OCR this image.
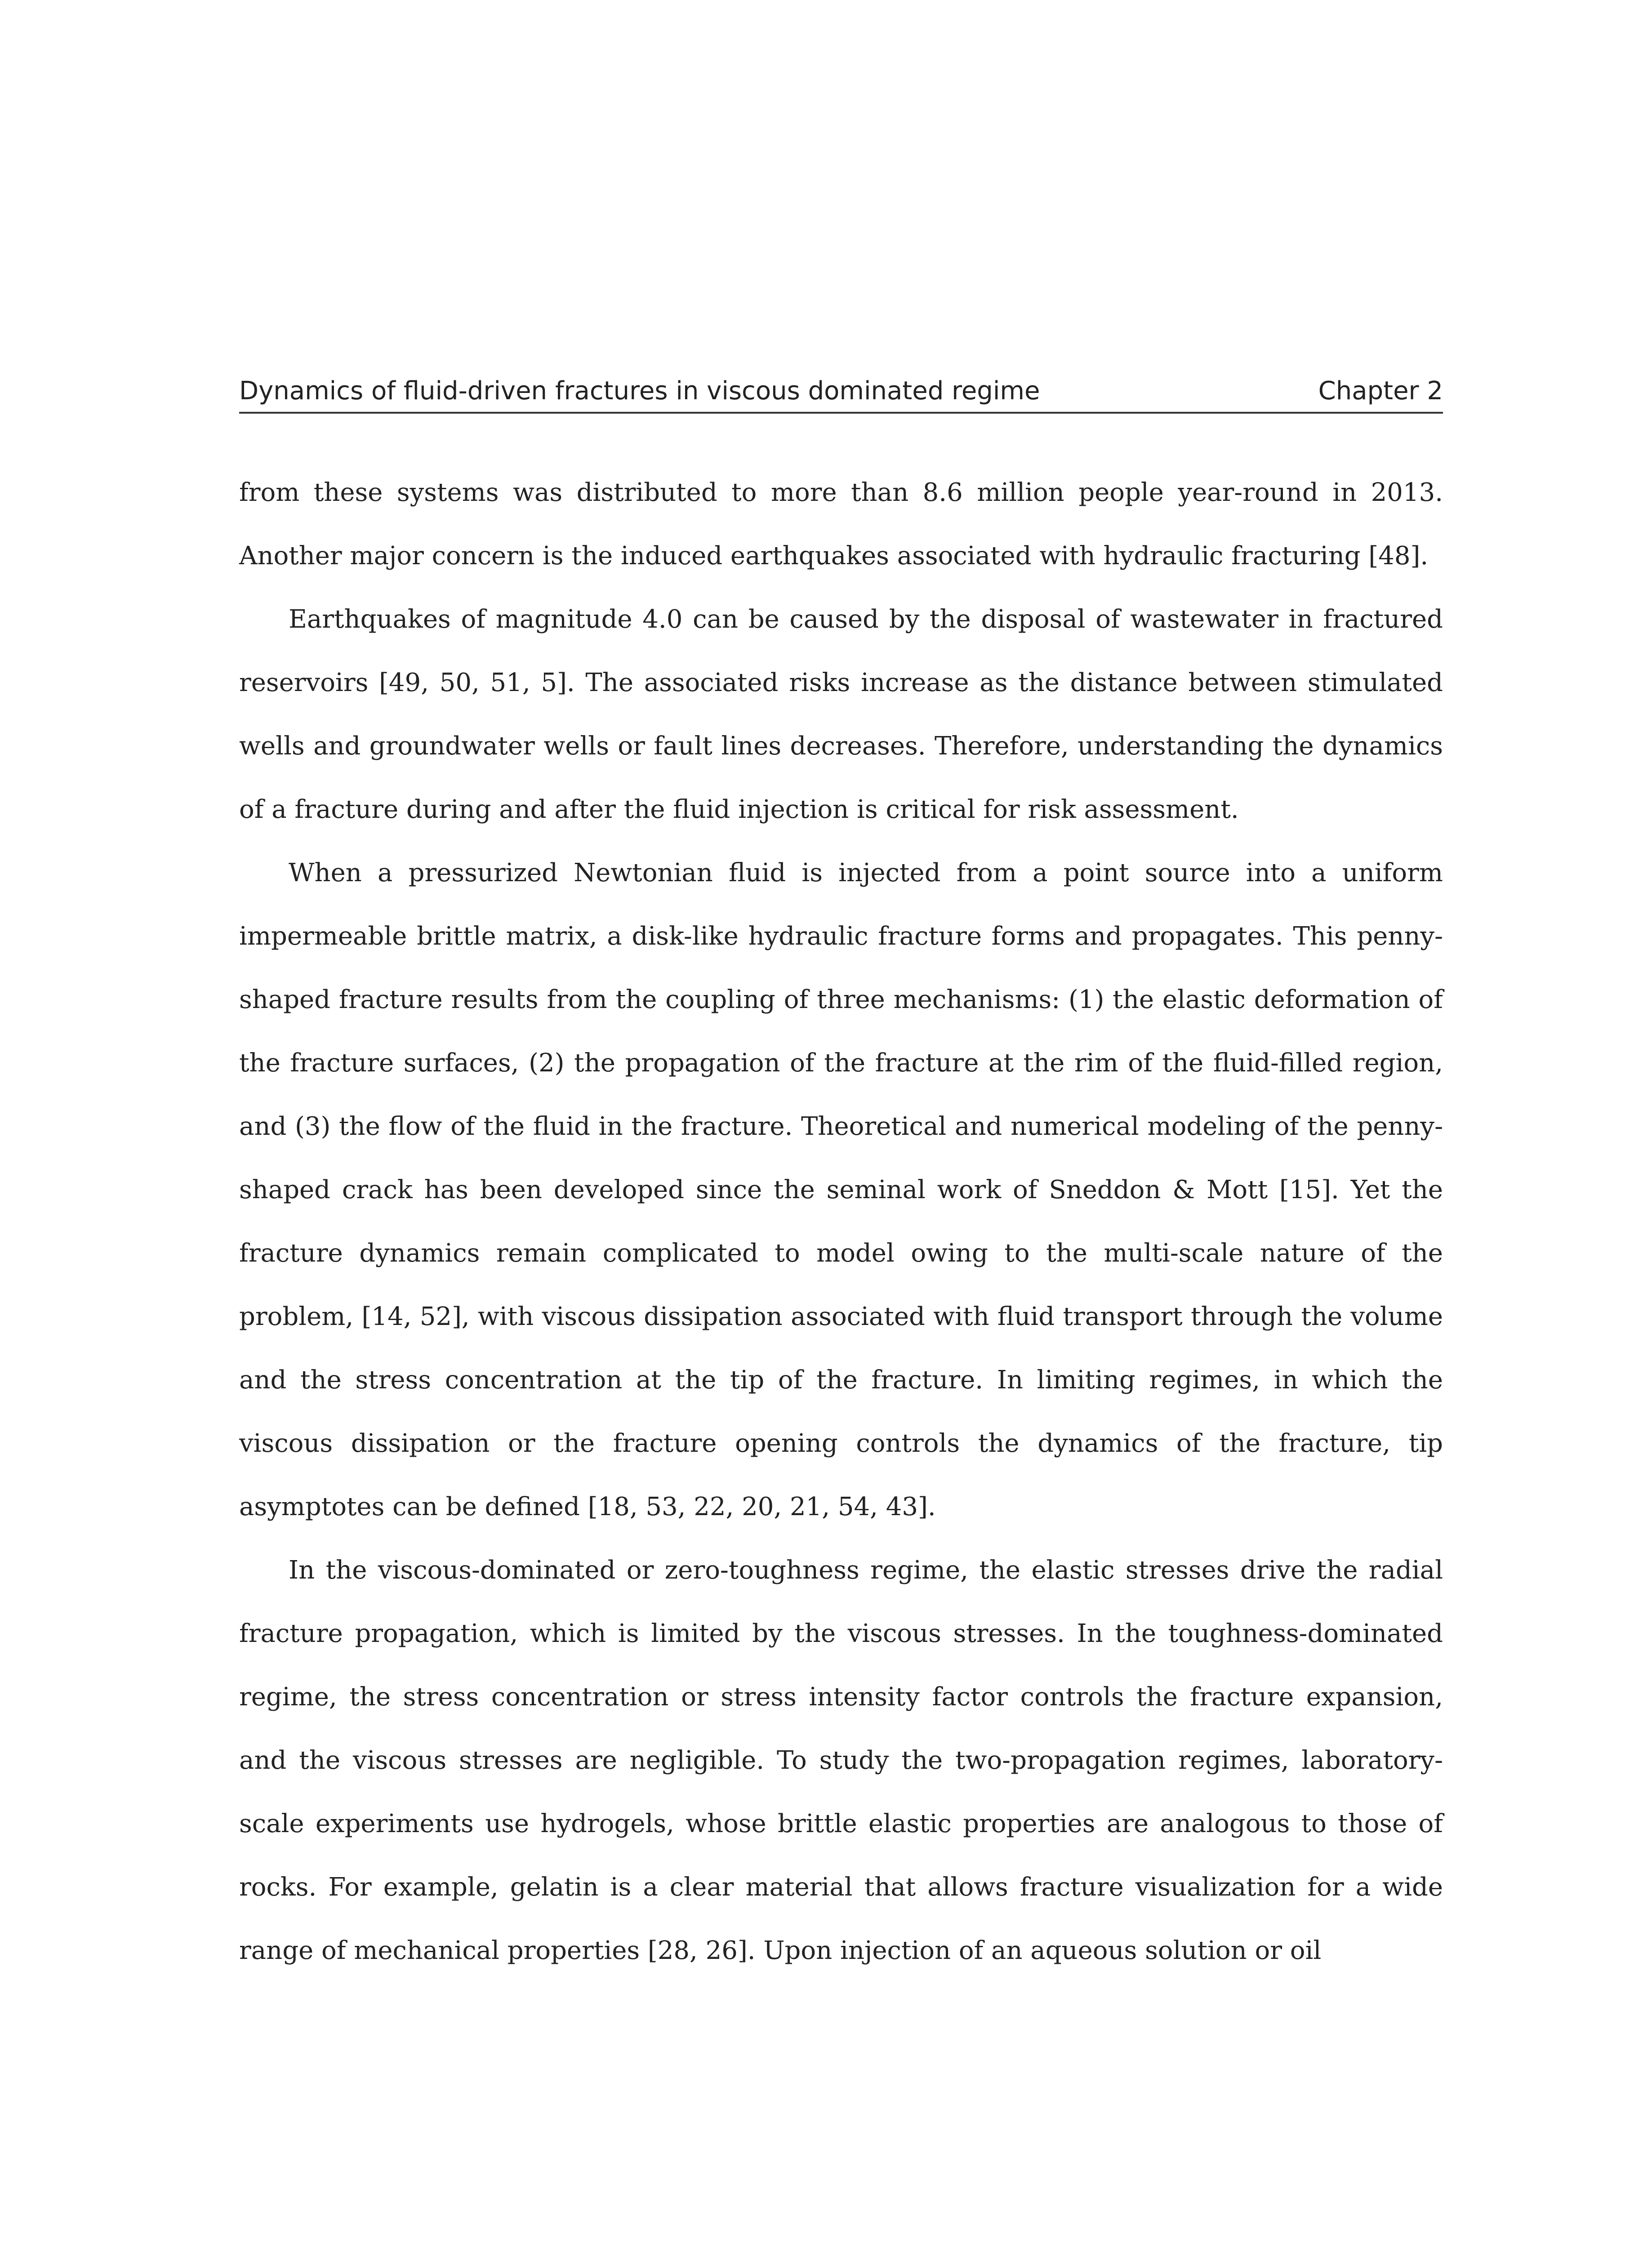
Dynamics of fluid-driven fractures in viscous dominated regime	Chapter 2

from these systems was distributed to more than 8.6 million people year-round in 2013. Another major concern is the induced earthquakes associated with hydraulic fracturing [48].

Earthquakes of magnitude 4.0 can be caused by the disposal of wastewater in fractured reservoirs [49, 50, 51, 5]. The associated risks increase as the distance between stimulated wells and groundwater wells or fault lines decreases. Therefore, understanding the dynamics of a fracture during and after the fluid injection is critical for risk assessment.

When a pressurized Newtonian fluid is injected from a point source into a uniform impermeable brittle matrix, a disk-like hydraulic fracture forms and propagates. This penny-shaped fracture results from the coupling of three mechanisms: (1) the elastic deformation of the fracture surfaces, (2) the propagation of the fracture at the rim of the fluid-filled region, and (3) the flow of the fluid in the fracture. Theoretical and numerical modeling of the penny-shaped crack has been developed since the seminal work of Sneddon & Mott [15]. Yet the fracture dynamics remain complicated to model owing to the multi-scale nature of the problem, [14, 52], with viscous dissipation associated with fluid transport through the volume and the stress concentration at the tip of the fracture. In limiting regimes, in which the viscous dissipation or the fracture opening controls the dynamics of the fracture, tip asymptotes can be defined [18, 53, 22, 20, 21, 54, 43].

In the viscous-dominated or zero-toughness regime, the elastic stresses drive the radial fracture propagation, which is limited by the viscous stresses. In the toughness-dominated regime, the stress concentration or stress intensity factor controls the fracture expansion, and the viscous stresses are negligible. To study the two-propagation regimes, laboratory-scale experiments use hydrogels, whose brittle elastic properties are analogous to those of rocks. For example, gelatin is a clear material that allows fracture visualization for a wide range of mechanical properties [28, 26]. Upon injection of an aqueous solution or oil
